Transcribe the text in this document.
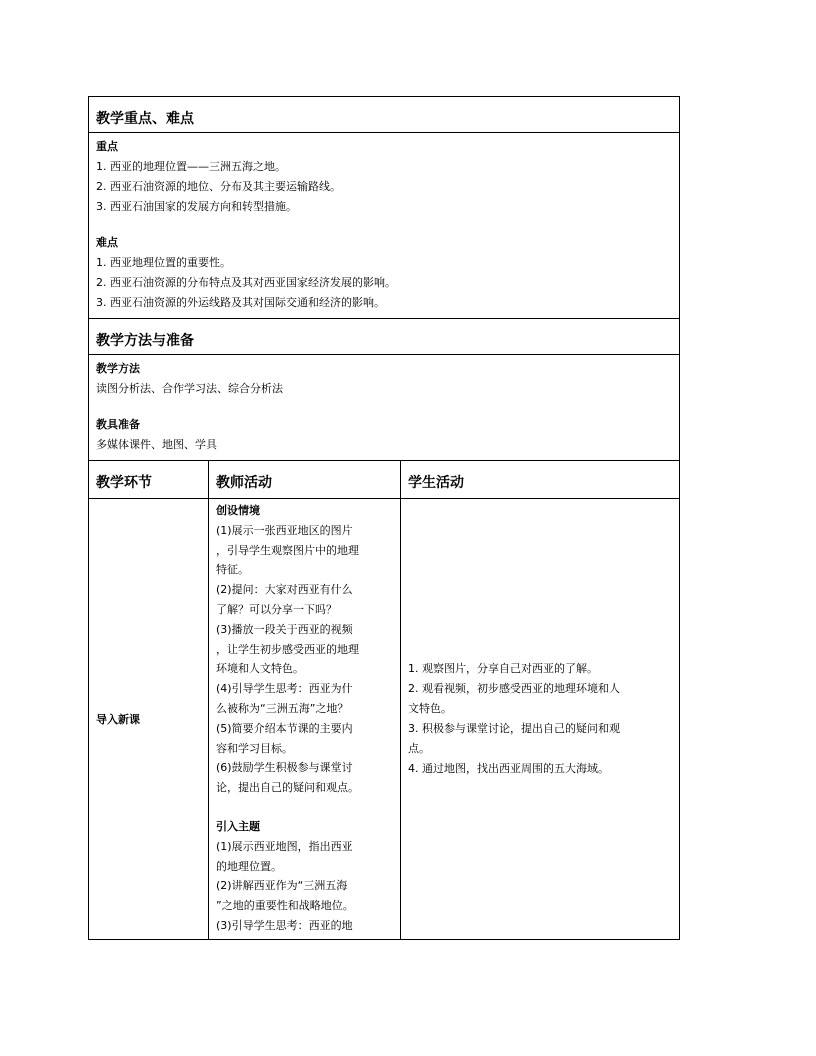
教学重点、难点
重点
1. 西亚的地理位置——三洲五海之地。
2. 西亚石油资源的地位、分布及其主要运输路线。
3. 西亚石油国家的发展方向和转型措施。
难点
1. 西亚地理位置的重要性。
2. 西亚石油资源的分布特点及其对西亚国家经济发展的影响。
3. 西亚石油资源的外运线路及其对国际交通和经济的影响。
教学方法与准备
教学方法
读图分析法、合作学习法、综合分析法
教具准备
多媒体课件、地图、学具
教学环节	教师活动	学生活动
导入新课
创设情境
(1)展示一张西亚地区的图片
，引导学生观察图片中的地理
特征。
(2)提问：大家对西亚有什么
了解？可以分享一下吗？
(3)播放一段关于西亚的视频
，让学生初步感受西亚的地理
环境和人文特色。
(4)引导学生思考：西亚为什
么被称为“三洲五海”之地？
(5)简要介绍本节课的主要内
容和学习目标。
(6)鼓励学生积极参与课堂讨
论，提出自己的疑问和观点。
引入主题
(1)展示西亚地图，指出西亚
的地理位置。
(2)讲解西亚作为“三洲五海
”之地的重要性和战略地位。
(3)引导学生思考：西亚的地
1. 观察图片，分享自己对西亚的了解。
2. 观看视频，初步感受西亚的地理环境和人
文特色。
3. 积极参与课堂讨论，提出自己的疑问和观
点。
4. 通过地图，找出西亚周围的五大海域。
